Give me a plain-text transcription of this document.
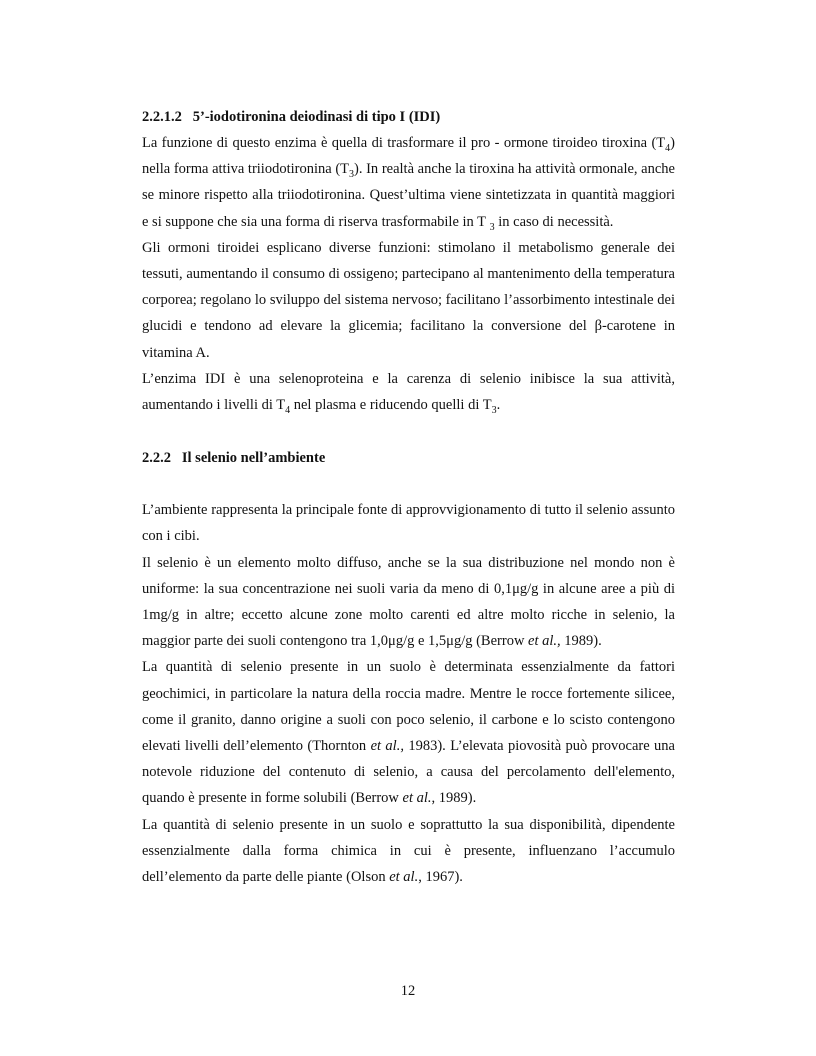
2.2.1.2 5’-iodotironina deiodinasi di tipo I (IDI)

La funzione di questo enzima è quella di trasformare il pro - ormone tiroideo tiroxina $(T_4)$ nella forma attiva triiodotironina $(T_3)$. In realtà anche la tiroxina ha attività ormonale, anche se minore rispetto alla triiodotironina. Quest’ultima viene sintetizzata in quantità maggiori e si suppone che sia una forma di riserva trasformabile in T $_3$ in caso di necessità.

Gli ormoni tiroidei esplicano diverse funzioni: stimolano il metabolismo generale dei tessuti, aumentando il consumo di ossigeno; partecipano al mantenimento della temperatura corporea; regolano lo sviluppo del sistema nervoso; facilitano l’assorbimento intestinale dei glucidi e tendono ad elevare la glicemia; facilitano la conversione del β-carotene in vitamina A.

L’enzima IDI è una selenoproteina e la carenza di selenio inibisce la sua attività, aumentando i livelli di $T_4$ nel plasma e riducendo quelli di $T_3$.

2.2.2 Il selenio nell’ambiente

L’ambiente rappresenta la principale fonte di approvvigionamento di tutto il selenio assunto con i cibi.

Il selenio è un elemento molto diffuso, anche se la sua distribuzione nel mondo non è uniforme: la sua concentrazione nei suoli varia da meno di 0,1μg/g in alcune aree a più di 1mg/g in altre; eccetto alcune zone molto carenti ed altre molto ricche in selenio, la maggior parte dei suoli contengono tra 1,0μg/g e 1,5μg/g (Berrow et al., 1989).

La quantità di selenio presente in un suolo è determinata essenzialmente da fattori geochimici, in particolare la natura della roccia madre. Mentre le rocce fortemente silicee, come il granito, danno origine a suoli con poco selenio, il carbone e lo scisto contengono elevati livelli dell’elemento (Thornton et al., 1983). L’elevata piovosità può provocare una notevole riduzione del contenuto di selenio, a causa del percolamento dell'elemento, quando è presente in forme solubili (Berrow et al., 1989).

La quantità di selenio presente in un suolo e soprattutto la sua disponibilità, dipendente essenzialmente dalla forma chimica in cui è presente, influenzano l’accumulo dell’elemento da parte delle piante (Olson et al., 1967).

12
